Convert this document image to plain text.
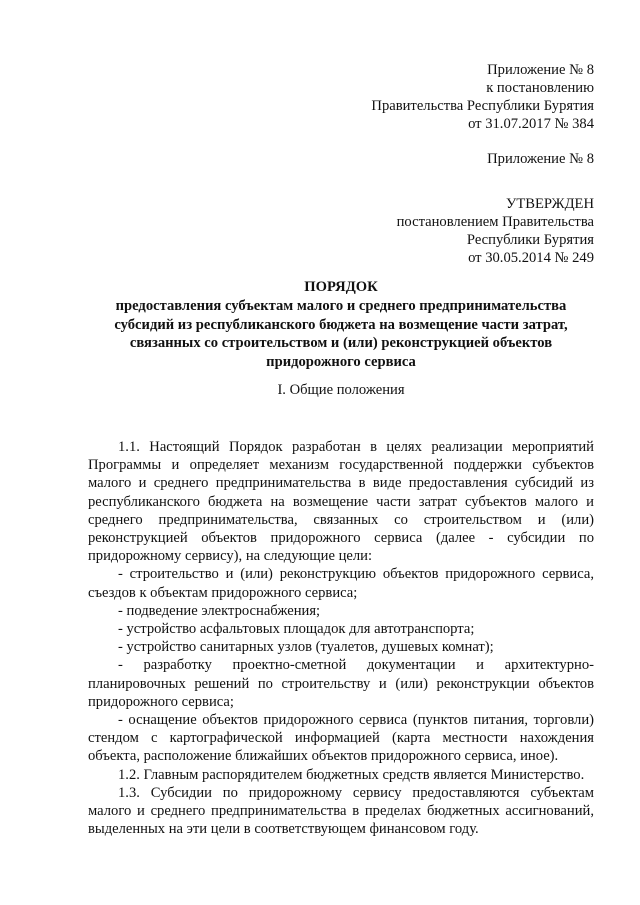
Приложение № 8
к постановлению
Правительства Республики Бурятия
от 31.07.2017 № 384
Приложение № 8
УТВЕРЖДЕН
постановлением Правительства
Республики Бурятия
от 30.05.2014 № 249
ПОРЯДОК
предоставления субъектам малого и среднего предпринимательства субсидий из республиканского бюджета на возмещение части затрат, связанных со строительством и (или) реконструкцией объектов придорожного сервиса
I. Общие положения

1.1. Настоящий Порядок разработан в целях реализации мероприятий Программы и определяет механизм государственной поддержки субъектов малого и среднего предпринимательства в виде предоставления субсидий из республиканского бюджета на возмещение части затрат субъектов малого и среднего предпринимательства, связанных со строительством и (или) реконструкцией объектов придорожного сервиса (далее - субсидии по придорожному сервису), на следующие цели:

- строительство и (или) реконструкцию объектов придорожного сервиса, съездов к объектам придорожного сервиса;

- подведение электроснабжения;

- устройство асфальтовых площадок для автотранспорта;

- устройство санитарных узлов (туалетов, душевых комнат);

- разработку проектно-сметной документации и архитектурно-планировочных решений по строительству и (или) реконструкции объектов придорожного сервиса;

- оснащение объектов придорожного сервиса (пунктов питания, торговли) стендом с картографической информацией (карта местности нахождения объекта, расположение ближайших объектов придорожного сервиса, иное).

1.2. Главным распорядителем бюджетных средств является Министерство.

1.3. Субсидии по придорожному сервису предоставляются субъектам малого и среднего предпринимательства в пределах бюджетных ассигнований, выделенных на эти цели в соответствующем финансовом году.
